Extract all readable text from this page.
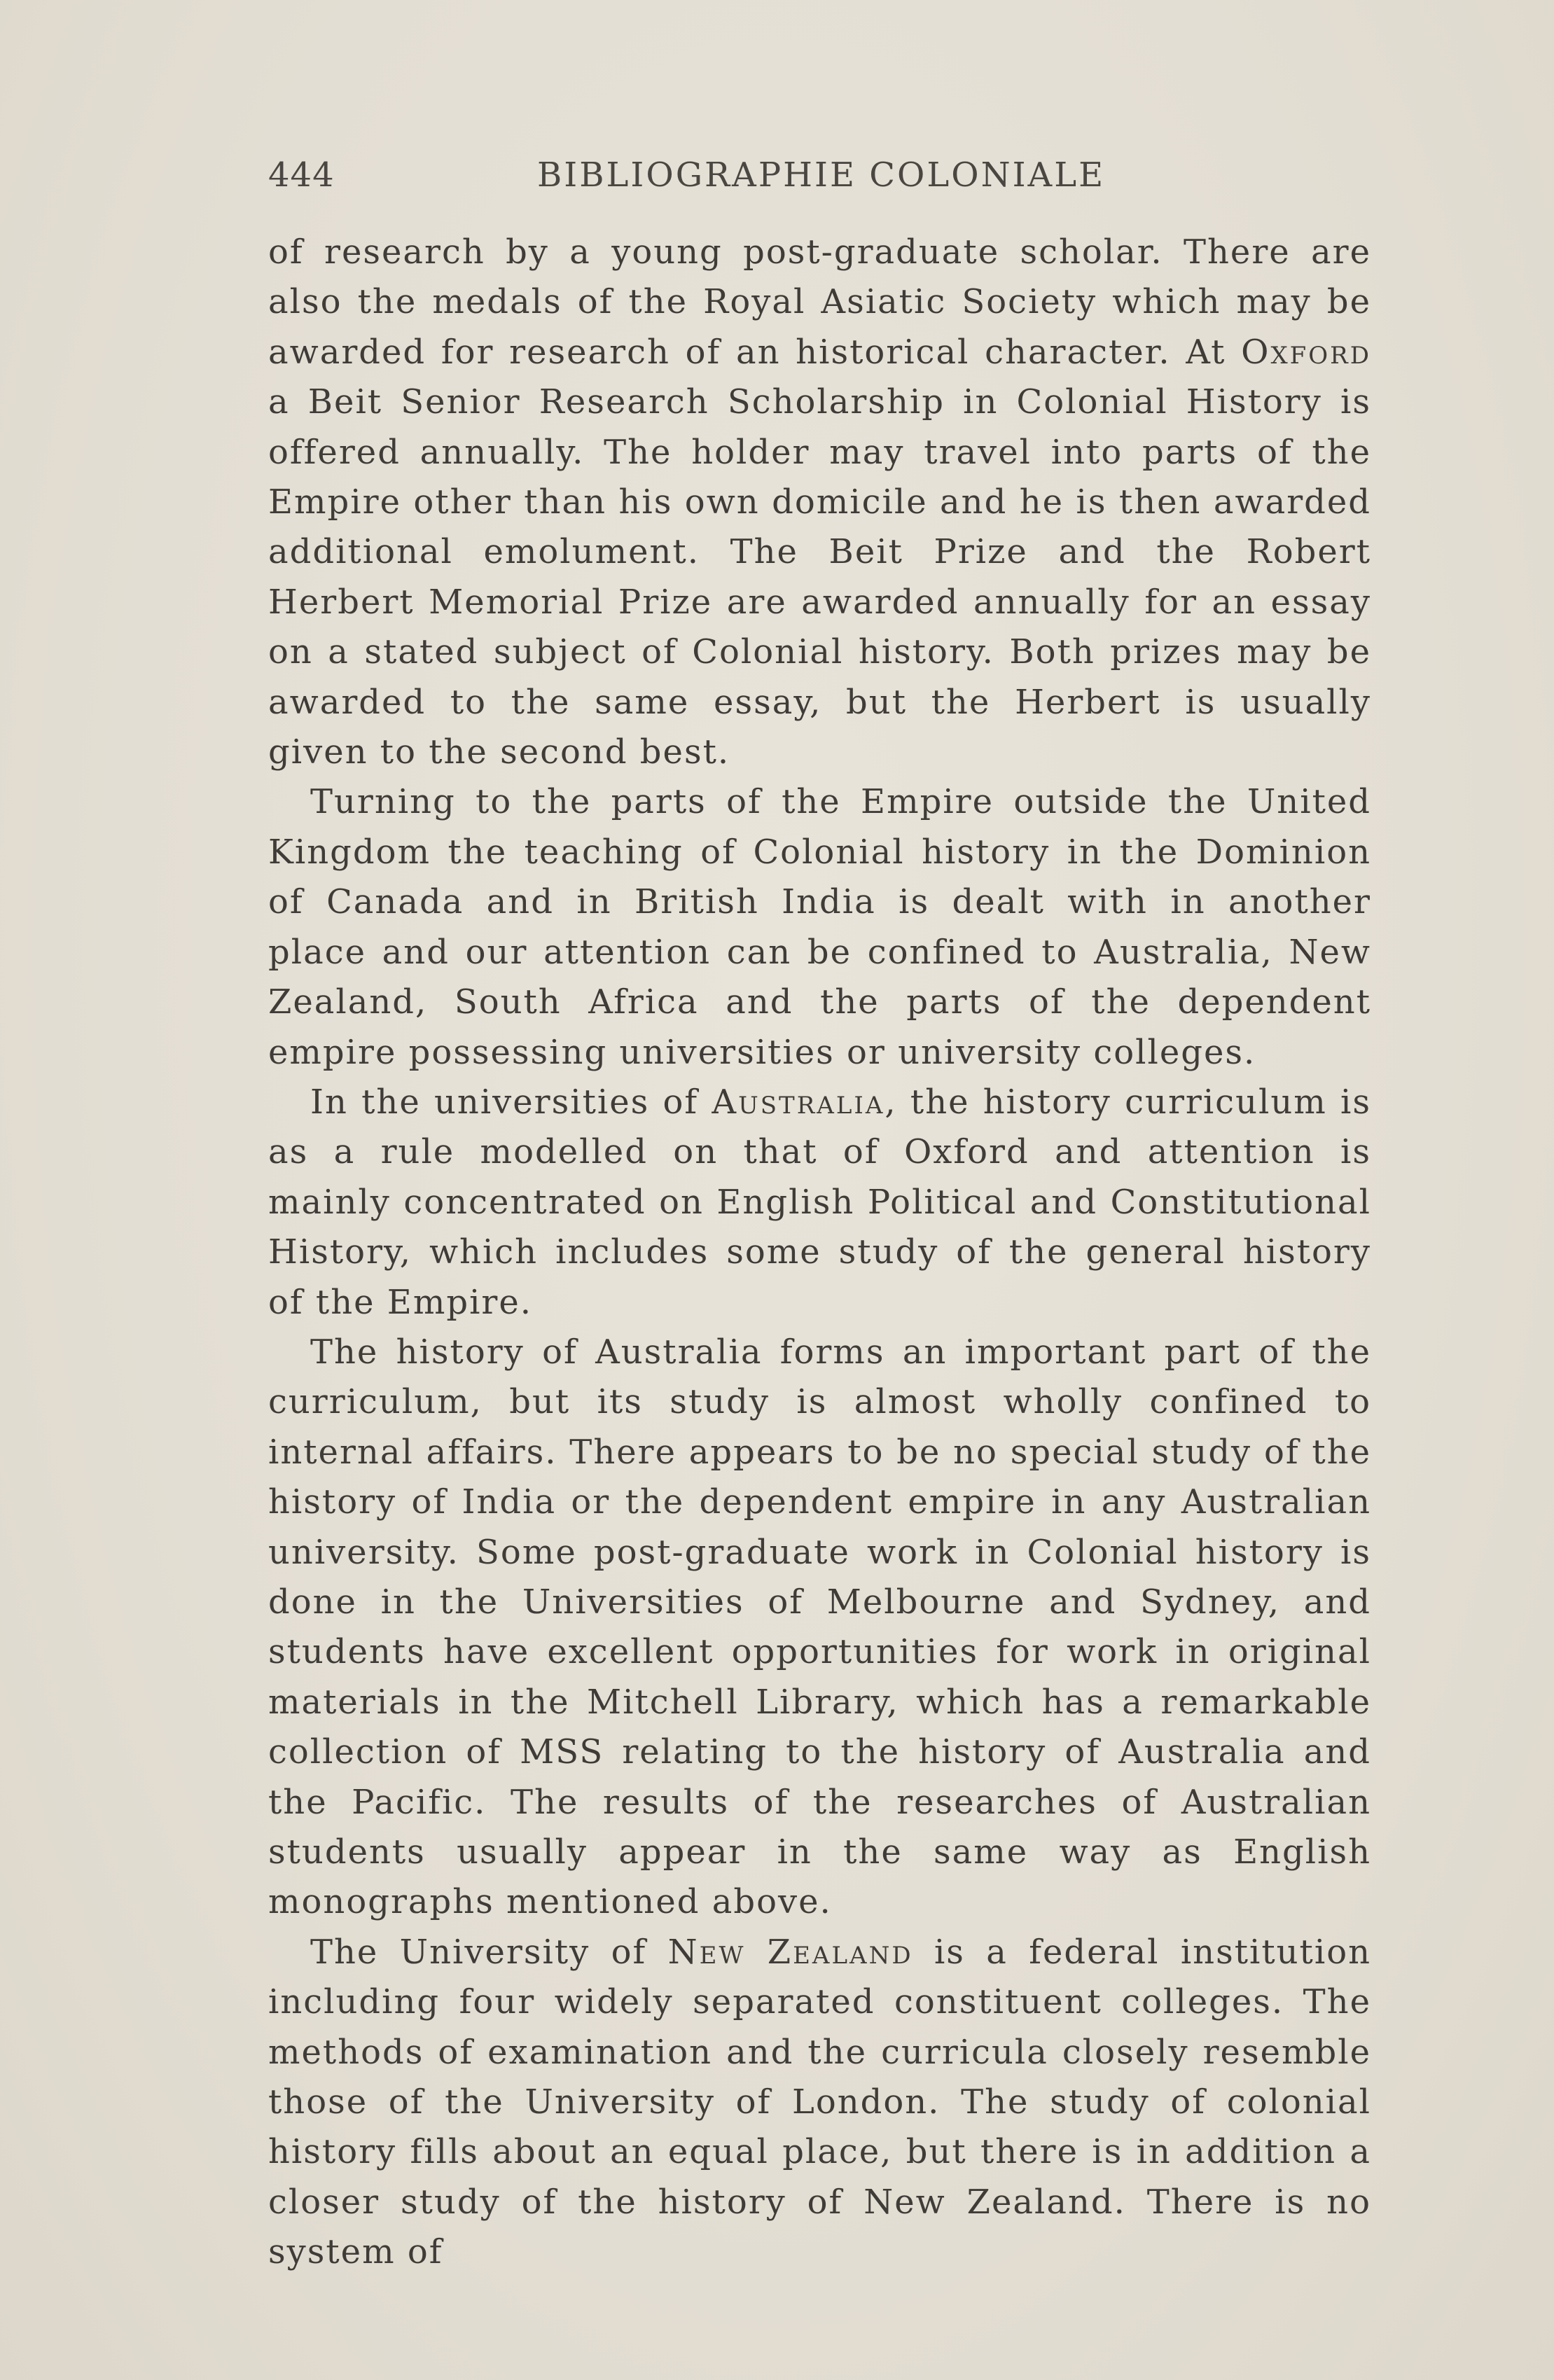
444	BIBLIOGRAPHIE COLONIALE

of research by a young post-graduate scholar. There are also the medals of the Royal Asiatic Society which may be awarded for research of an historical character. At Oxford a Beit Senior Research Scholarship in Colonial History is offered annually. The holder may travel into parts of the Empire other than his own domicile and he is then awarded additional emolument. The Beit Prize and the Robert Herbert Memorial Prize are awarded annually for an essay on a stated subject of Colonial history. Both prizes may be awarded to the same essay, but the Herbert is usually given to the second best.

Turning to the parts of the Empire outside the United Kingdom the teaching of Colonial history in the Dominion of Canada and in British India is dealt with in another place and our attention can be confined to Australia, New Zealand, South Africa and the parts of the dependent empire possessing universities or university colleges.

In the universities of Australia, the history curriculum is as a rule modelled on that of Oxford and attention is mainly concentrated on English Political and Constitutional History, which includes some study of the general history of the Empire.

The history of Australia forms an important part of the curriculum, but its study is almost wholly confined to internal affairs. There appears to be no special study of the history of India or the dependent empire in any Australian university. Some post-graduate work in Colonial history is done in the Universities of Melbourne and Sydney, and students have excellent opportunities for work in original materials in the Mitchell Library, which has a remarkable collection of MSS relating to the history of Australia and the Pacific. The results of the researches of Australian students usually appear in the same way as English monographs mentioned above.

The University of New Zealand is a federal institution including four widely separated constituent colleges. The methods of examination and the curricula closely resemble those of the University of London. The study of colonial history fills about an equal place, but there is in addition a closer study of the history of New Zealand. There is no system of
